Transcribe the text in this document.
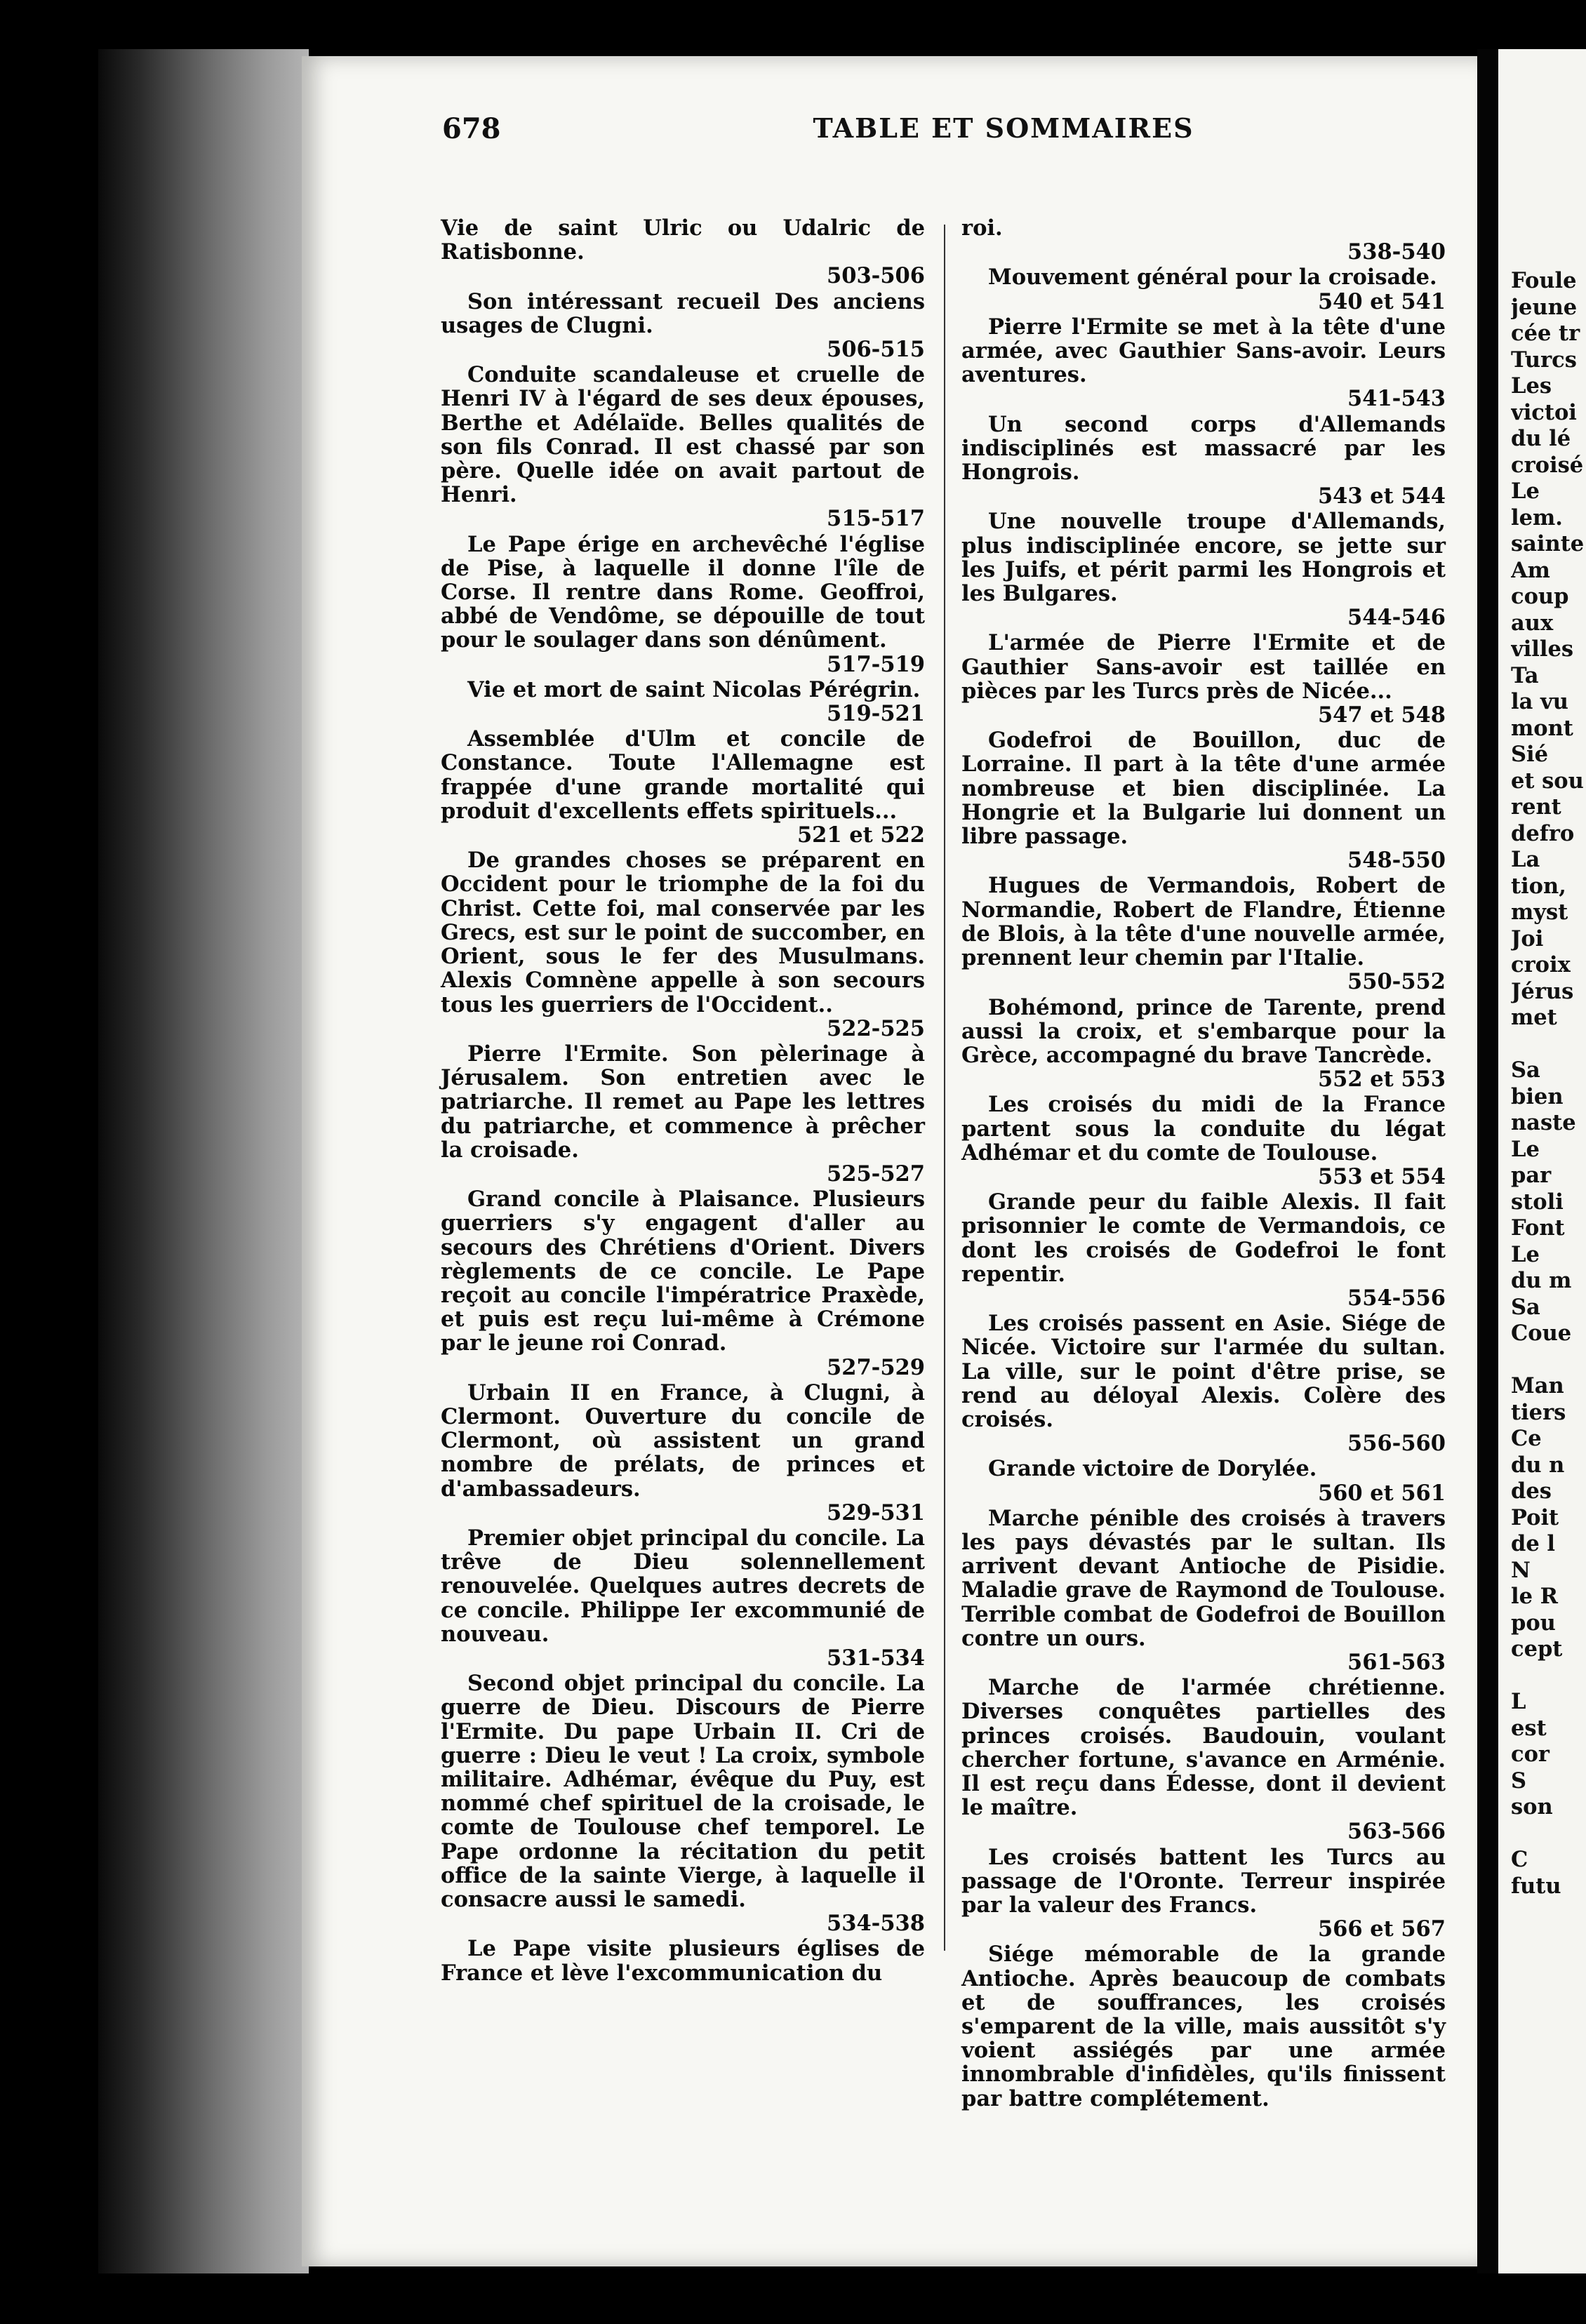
Foule
jeune
cée tr
Turcs
Les
victoi
du lé
croisé
Le
lem.
sainte
Am
coup
aux
villes
Ta
la vu
mont
Sié
et sou
rent
defro
La
tion,
myst
Joi
croix
Jérus
met
Sa
bien
naste
Le
par
stoli
Font
Le
du m
Sa
Coue
Man
tiers
Ce
du n
des
Poit
de l
N
le R
pou
cept
L
est
cor
S
son
C
futu
678	TABLE ET SOMMAIRES
Vie de saint Ulric ou Udalric de Ratisbonne.
503-506
Son intéressant recueil Des anciens usages de Clugni.
506-515
Conduite scandaleuse et cruelle de Henri IV à l'égard de ses deux épouses, Berthe et Adélaïde. Belles qualités de son fils Conrad. Il est chassé par son père. Quelle idée on avait partout de Henri.
515-517
Le Pape érige en archevêché l'église de Pise, à laquelle il donne l'île de Corse. Il rentre dans Rome. Geoffroi, abbé de Vendôme, se dépouille de tout pour le soulager dans son dénûment.
517-519
Vie et mort de saint Nicolas Pérégrin.
519-521
Assemblée d'Ulm et concile de Constance. Toute l'Allemagne est frappée d'une grande mortalité qui produit d'excellents effets spirituels...
521 et 522
De grandes choses se préparent en Occident pour le triomphe de la foi du Christ. Cette foi, mal conservée par les Grecs, est sur le point de succomber, en Orient, sous le fer des Musulmans. Alexis Comnène appelle à son secours tous les guerriers de l'Occident..
522-525
Pierre l'Ermite. Son pèlerinage à Jérusalem. Son entretien avec le patriarche. Il remet au Pape les lettres du patriarche, et commence à prêcher la croisade.
525-527
Grand concile à Plaisance. Plusieurs guerriers s'y engagent d'aller au secours des Chrétiens d'Orient. Divers règlements de ce concile. Le Pape reçoit au concile l'impératrice Praxède, et puis est reçu lui-même à Crémone par le jeune roi Conrad.
527-529
Urbain II en France, à Clugni, à Clermont. Ouverture du concile de Clermont, où assistent un grand nombre de prélats, de princes et d'ambassadeurs.
529-531
Premier objet principal du concile. La trêve de Dieu solennellement renouvelée. Quelques autres decrets de ce concile. Philippe Ier excommunié de nouveau.
531-534
Second objet principal du concile. La guerre de Dieu. Discours de Pierre l'Ermite. Du pape Urbain II. Cri de guerre : Dieu le veut ! La croix, symbole militaire. Adhémar, évêque du Puy, est nommé chef spirituel de la croisade, le comte de Toulouse chef temporel. Le Pape ordonne la récitation du petit office de la sainte Vierge, à laquelle il consacre aussi le samedi.
534-538
Le Pape visite plusieurs églises de France et lève l'excommunication du
roi.
538-540
Mouvement général pour la croisade.
540 et 541
Pierre l'Ermite se met à la tête d'une armée, avec Gauthier Sans-avoir. Leurs aventures.
541-543
Un second corps d'Allemands indisciplinés est massacré par les Hongrois.
543 et 544
Une nouvelle troupe d'Allemands, plus indisciplinée encore, se jette sur les Juifs, et périt parmi les Hongrois et les Bulgares.
544-546
L'armée de Pierre l'Ermite et de Gauthier Sans-avoir est taillée en pièces par les Turcs près de Nicée...
547 et 548
Godefroi de Bouillon, duc de Lorraine. Il part à la tête d'une armée nombreuse et bien disciplinée. La Hongrie et la Bulgarie lui donnent un libre passage.
548-550
Hugues de Vermandois, Robert de Normandie, Robert de Flandre, Étienne de Blois, à la tête d'une nouvelle armée, prennent leur chemin par l'Italie.
550-552
Bohémond, prince de Tarente, prend aussi la croix, et s'embarque pour la Grèce, accompagné du brave Tancrède.
552 et 553
Les croisés du midi de la France partent sous la conduite du légat Adhémar et du comte de Toulouse.
553 et 554
Grande peur du faible Alexis. Il fait prisonnier le comte de Vermandois, ce dont les croisés de Godefroi le font repentir.
554-556
Les croisés passent en Asie. Siége de Nicée. Victoire sur l'armée du sultan. La ville, sur le point d'être prise, se rend au déloyal Alexis. Colère des croisés.
556-560
Grande victoire de Dorylée.
560 et 561
Marche pénible des croisés à travers les pays dévastés par le sultan. Ils arrivent devant Antioche de Pisidie. Maladie grave de Raymond de Toulouse. Terrible combat de Godefroi de Bouillon contre un ours.
561-563
Marche de l'armée chrétienne. Diverses conquêtes partielles des princes croisés. Baudouin, voulant chercher fortune, s'avance en Arménie. Il est reçu dans Édesse, dont il devient le maître.
563-566
Les croisés battent les Turcs au passage de l'Oronte. Terreur inspirée par la valeur des Francs.
566 et 567
Siége mémorable de la grande Antioche. Après beaucoup de combats et de souffrances, les croisés s'emparent de la ville, mais aussitôt s'y voient assiégés par une armée innombrable d'infidèles, qu'ils finissent par battre complétement.
